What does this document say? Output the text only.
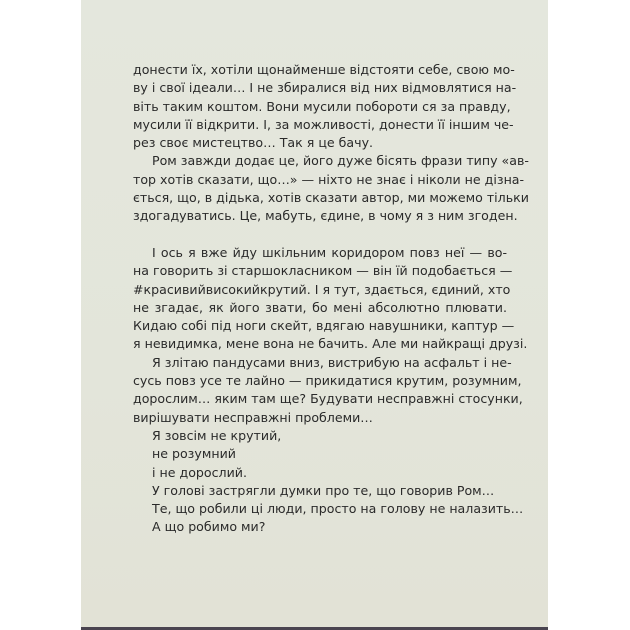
донести їх, хотіли щонайменше відстояти себе, свою мо-
ву і свої ідеали… І не збиралися від них відмовлятися на-
віть таким коштом. Вони мусили побороти ся за правду,
мусили її відкрити. І, за можливості, донести її іншим че-
рез своє мистецтво… Так я це бачу.
Ром завжди додає це, його дуже бісять фрази типу «ав-
тор хотів сказати, що…» — ніхто не знає і ніколи не дізна-
ється, що, в дідька, хотів сказати автор, ми можемо тільки
здогадуватись. Це, мабуть, єдине, в чому я з ним згоден.
І ось я вже йду шкільним коридором повз неї — во-
на говорить зі старшокласником — він їй подобається —
#красивийвисокийкрутий. І я тут, здається, єдиний, хто
не згадає, як його звати, бо мені абсолютно плювати.
Кидаю собі під ноги скейт, вдягаю навушники, каптур —
я невидимка, мене вона не бачить. Але ми найкращі друзі.
Я злітаю пандусами вниз, вистрибую на асфальт і не-
сусь повз усе те лайно — прикидатися крутим, розумним,
дорослим… яким там ще? Будувати несправжні стосунки,
вирішувати несправжні проблеми…
Я зовсім не крутий,
не розумний
і не дорослий.
У голові застрягли думки про те, що говорив Ром…
Те, що робили ці люди, просто на голову не налазить…
А що робимо ми?
